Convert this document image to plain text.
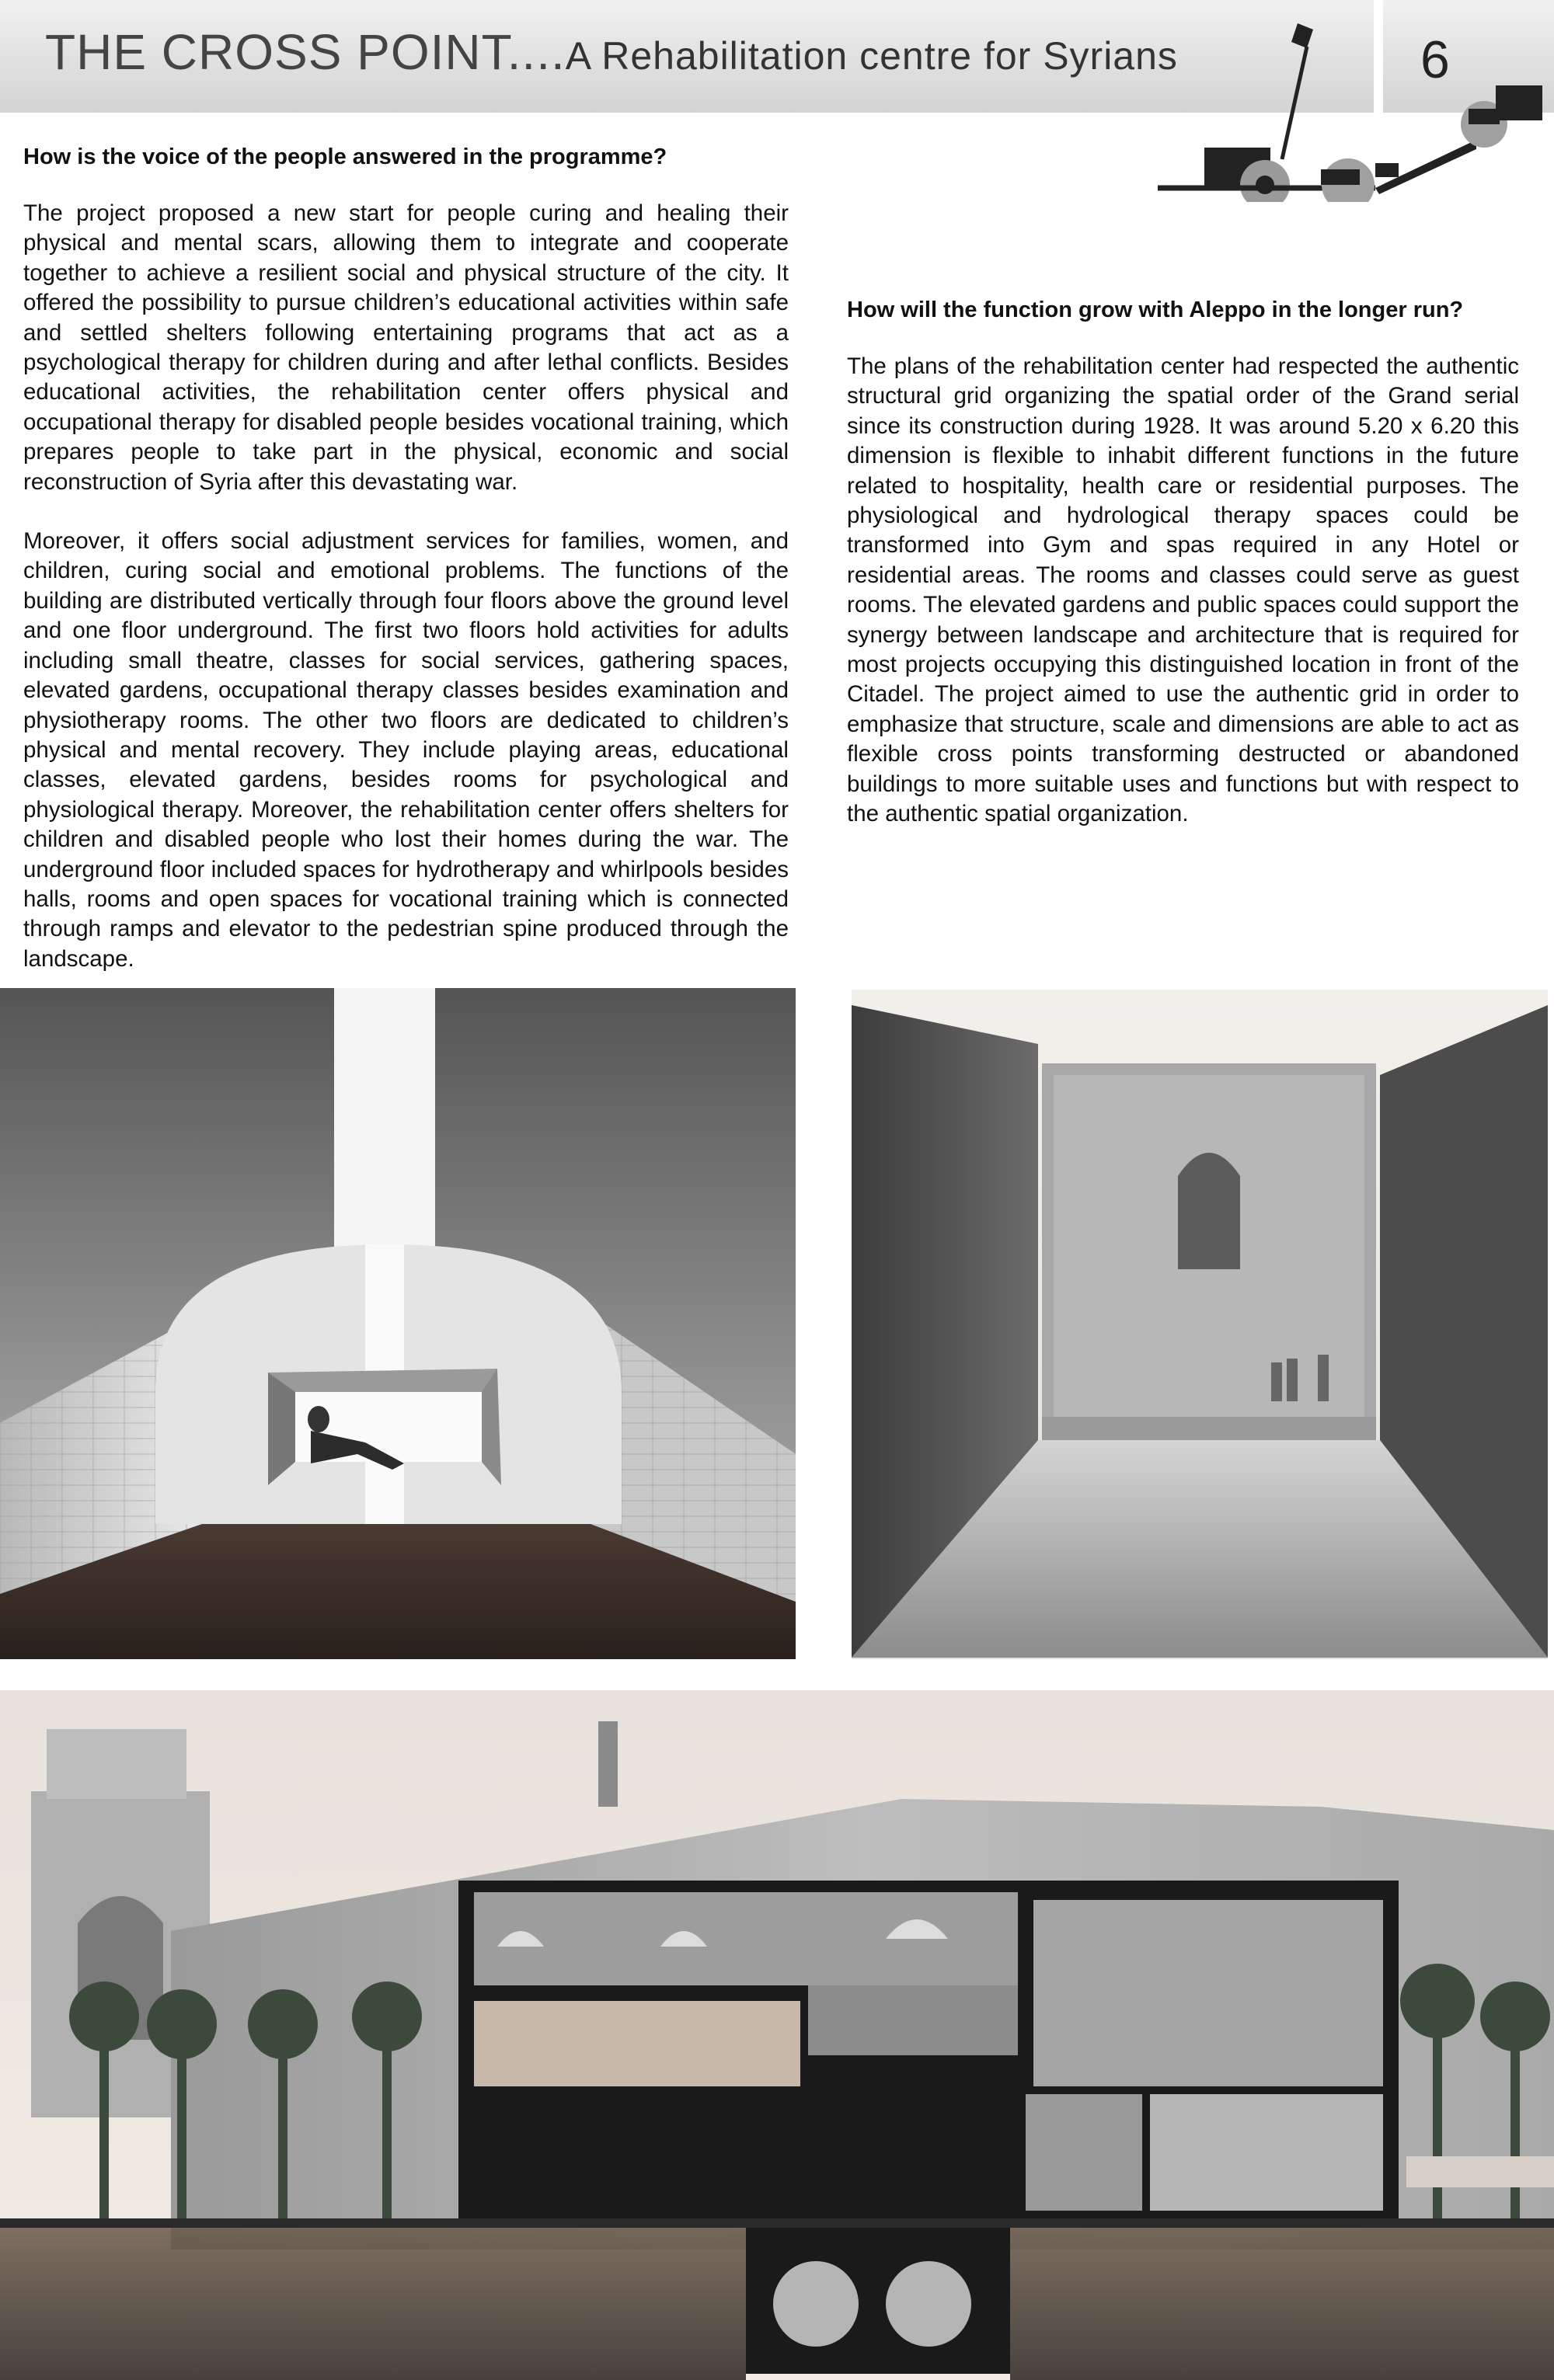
THE CROSS POINT....A Rehabilitation centre for Syrians	6
How is the voice of the people answered in the programme?

The project proposed a new start for people curing and healing their physical and mental scars, allowing them to integrate and cooperate together to achieve a resilient social and physical structure of the city. It offered the possibility to pursue children’s educational activities within safe and settled shelters following entertaining programs that act as a psychological therapy for children during and after lethal conflicts. Besides educational activities, the rehabilitation center offers physical and occupational therapy for disabled people besides vocational training, which prepares people to take part in the physical, economic and social reconstruction of Syria after this devastating war.

Moreover, it offers social adjustment services for families, women, and children, curing social and emotional problems. The functions of the building are distributed vertically through four floors above the ground level and one floor underground. The first two floors hold activities for adults including small theatre, classes for social services, gathering spaces, elevated gardens, occupational therapy classes besides examination and physiotherapy rooms. The other two floors are dedicated to children’s physical and mental recovery. They include playing areas, educational classes, elevated gardens, besides rooms for psychological and physiological therapy. Moreover, the rehabilitation center offers shelters for children and disabled people who lost their homes during the war. The underground floor included spaces for hydrotherapy and whirlpools besides halls, rooms and open spaces for vocational training which is connected through ramps and elevator to the pedestrian spine produced through the landscape.

How will the function grow with Aleppo in the longer run?

The plans of the rehabilitation center had respected the authentic structural grid organizing the spatial order of the Grand serial since its construction during 1928. It was around 5.20 x 6.20 this dimension is flexible to inhabit different functions in the future related to hospitality, health care or residential purposes. The physiological and hydrological therapy spaces could be transformed into Gym and spas required in any Hotel or residential areas. The rooms and classes could serve as guest rooms. The elevated gardens and public spaces could support the synergy between landscape and architecture that is required for most projects occupying this distinguished location in front of the Citadel. The project aimed to use the authentic grid in order to emphasize that structure, scale and dimensions are able to act as flexible cross points transforming destructed or abandoned buildings to more suitable uses and functions but with respect to the authentic spatial organization.
